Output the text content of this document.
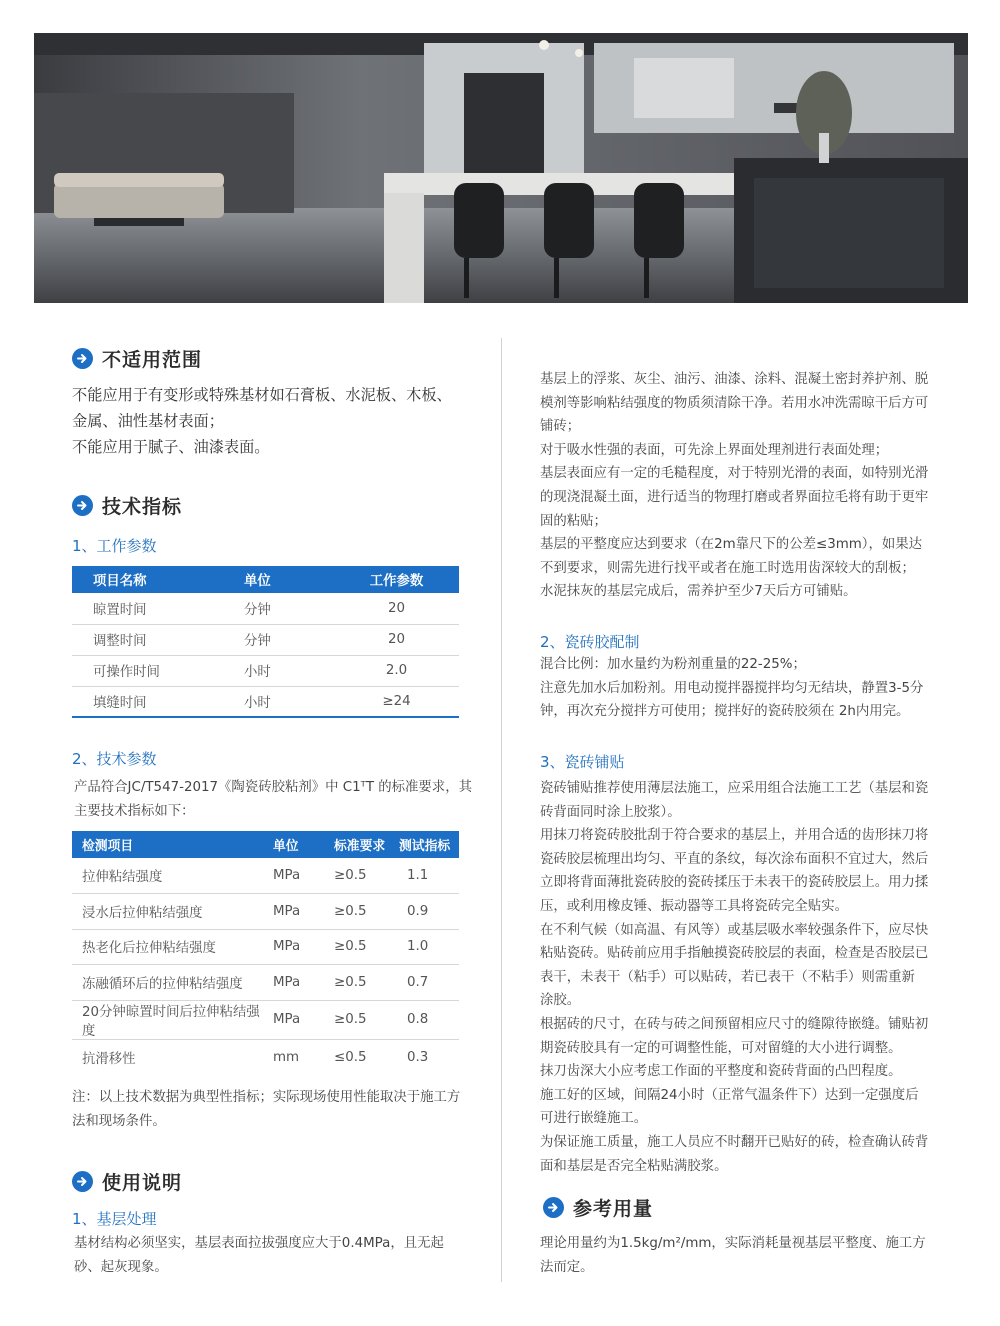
不适用范围

不能应用于有变形或特殊基材如石膏板、水泥板、木板、

金属、油性基材表面；

不能应用于腻子、油漆表面。

技术指标
1、工作参数
项目名称	单位	工作参数
晾置时间	分钟	20
调整时间	分钟	20
可操作时间	小时	2.0
填缝时间	小时	≥24
2、技术参数

产品符合JC/T547-2017《陶瓷砖胶粘剂》中 C1ᵀT 的标准要求，其

主要技术指标如下：

检测项目	单位	标准要求	测试指标
拉伸粘结强度	MPa	≥0.5	1.1
浸水后拉伸粘结强度	MPa	≥0.5	0.9
热老化后拉伸粘结强度	MPa	≥0.5	1.0
冻融循环后的拉伸粘结强度	MPa	≥0.5	0.7
20分钟晾置时间后拉伸粘结强度	MPa	≥0.5	0.8
抗滑移性	mm	≤0.5	0.3

注：以上技术数据为典型性指标；实际现场使用性能取决于施工方

法和现场条件。

使用说明
1、基层处理

基材结构必须坚实，基层表面拉拔强度应大于0.4MPa，且无起

砂、起灰现象。

基层上的浮浆、灰尘、油污、油漆、涂料、混凝土密封养护剂、脱

模剂等影响粘结强度的物质须清除干净。若用水冲洗需晾干后方可

铺砖；

对于吸水性强的表面，可先涂上界面处理剂进行表面处理；

基层表面应有一定的毛糙程度，对于特别光滑的表面，如特别光滑

的现浇混凝土面，进行适当的物理打磨或者界面拉毛将有助于更牢

固的粘贴；

基层的平整度应达到要求（在2m靠尺下的公差≤3mm），如果达

不到要求，则需先进行找平或者在施工时选用齿深较大的刮板；

水泥抹灰的基层完成后，需养护至少7天后方可铺贴。

2、瓷砖胶配制

混合比例：加水量约为粉剂重量的22-25%；

注意先加水后加粉剂。用电动搅拌器搅拌均匀无结块，静置3-5分

钟，再次充分搅拌方可使用；搅拌好的瓷砖胶须在 2h内用完。

3、瓷砖铺贴

瓷砖铺贴推荐使用薄层法施工，应采用组合法施工工艺（基层和瓷

砖背面同时涂上胶浆）。

用抹刀将瓷砖胶批刮于符合要求的基层上，并用合适的齿形抹刀将

瓷砖胶层梳理出均匀、平直的条纹，每次涂布面积不宜过大，然后

立即将背面薄批瓷砖胶的瓷砖揉压于未表干的瓷砖胶层上。用力揉

压，或利用橡皮锤、振动器等工具将瓷砖完全贴实。

在不利气候（如高温、有风等）或基层吸水率较强条件下，应尽快

粘贴瓷砖。贴砖前应用手指触摸瓷砖胶层的表面，检查是否胶层已

表干，未表干（粘手）可以贴砖，若已表干（不粘手）则需重新

涂胶。

根据砖的尺寸，在砖与砖之间预留相应尺寸的缝隙待嵌缝。铺贴初

期瓷砖胶具有一定的可调整性能，可对留缝的大小进行调整。

抹刀齿深大小应考虑工作面的平整度和瓷砖背面的凸凹程度。

施工好的区域，间隔24小时（正常气温条件下）达到一定强度后

可进行嵌缝施工。

为保证施工质量，施工人员应不时翻开已贴好的砖，检查确认砖背

面和基层是否完全粘贴满胶浆。

参考用量

理论用量约为1.5kg/m²/mm，实际消耗量视基层平整度、施工方

法而定。
